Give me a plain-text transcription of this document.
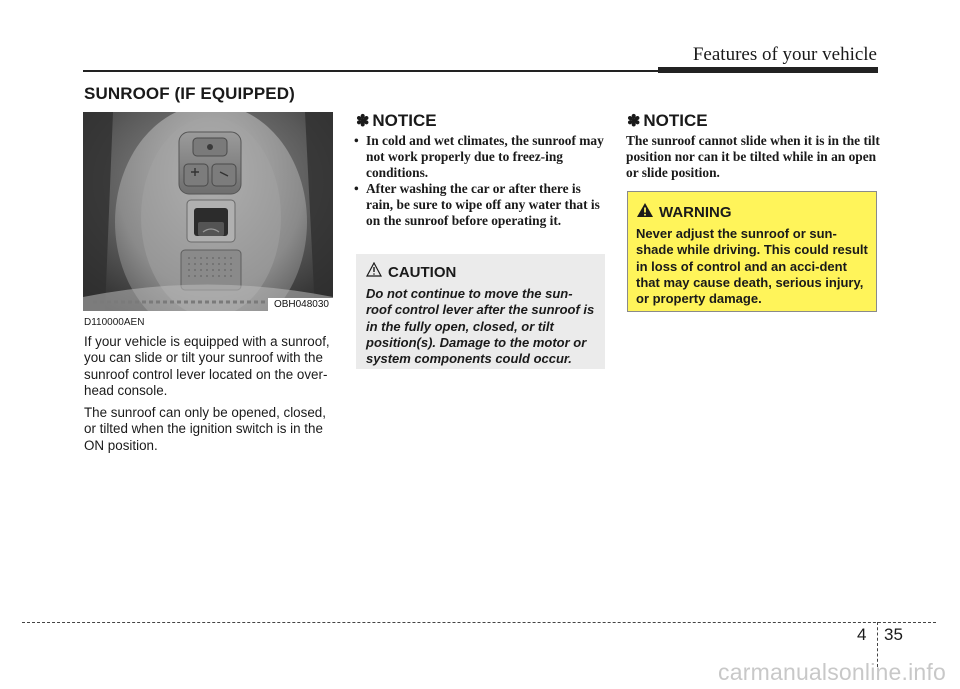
Features of your vehicle
SUNROOF (IF EQUIPPED)
OBH048030
D110000AEN

If your vehicle is equipped with a sunroof, you can slide or tilt your sunroof with the sunroof control lever located on the over-head console.

The sunroof can only be opened, closed, or tilted when the ignition switch is in the ON position.

✽ NOTICE
• In cold and wet climates, the sunroof may not work properly due to freez-ing conditions.
• After washing the car or after there is rain, be sure to wipe off any water that is on the sunroof before operating it.
CAUTION

Do not continue to move the sun-roof control lever after the sunroof is in the fully open, closed, or tilt position(s). Damage to the motor or system components could occur.

✽ NOTICE

The sunroof cannot slide when it is in the tilt position nor can it be tilted while in an open or slide position.

WARNING

Never adjust the sunroof or sun-shade while driving. This could result in loss of control and an acci-dent that may cause death, serious injury, or property damage.

4 35
carmanualsonline.info
